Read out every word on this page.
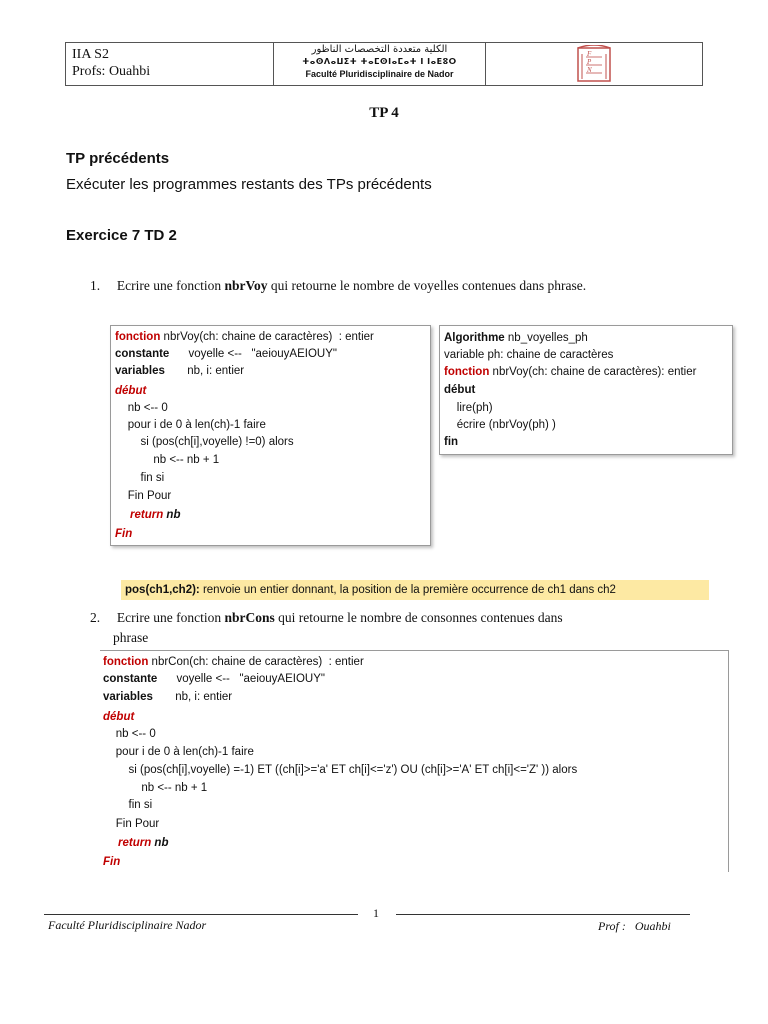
IIA S2
Profs: Ouahbi
الكلية متعددة التخصصات الناظور
ⵜⴰⵙⴷⴰⵡⵉⵜ ⵜⴰⵎⵙⵏⴰⵎⴰⵜ ⵏ ⵏⴰⴹⵓⵔ
Faculté Pluridisciplinaire de Nador
F
P
N
TP 4
TP précédents
Exécuter les programmes restants des TPs précédents
Exercice 7 TD 2
1. Ecrire une fonction nbrVoy qui retourne le nombre de voyelles contenues dans phrase.
fonction nbrVoy(ch: chaine de caractères)  : entier
constante      voyelle <--   "aeiouyAEIOUY"
variables       nb, i: entier
début
nb <-- 0
pour i de 0 à len(ch)-1 faire
si (pos(ch[i],voyelle) !=0) alors
nb <-- nb + 1
fin si
Fin Pour
return nb
Fin
Algorithme nb_voyelles_ph
variable ph: chaine de caractères
fonction nbrVoy(ch: chaine de caractères): entier
début
lire(ph)
écrire (nbrVoy(ph) )
fin
pos(ch1,ch2): renvoie un entier donnant, la position de la première occurrence de ch1 dans ch2
2. Ecrire une fonction nbrCons qui retourne le nombre de consonnes contenues dans
phrase
fonction nbrCon(ch: chaine de caractères)  : entier
constante      voyelle <--   "aeiouyAEIOUY"
variables       nb, i: entier
début
nb <-- 0
pour i de 0 à len(ch)-1 faire
si (pos(ch[i],voyelle) =-1) ET ((ch[i]>='a' ET ch[i]<='z') OU (ch[i]>='A' ET ch[i]<='Z' )) alors
nb <-- nb + 1
fin si
Fin Pour
return nb
Fin
1
Faculté Pluridisciplinaire Nador	Prof :   Ouahbi
